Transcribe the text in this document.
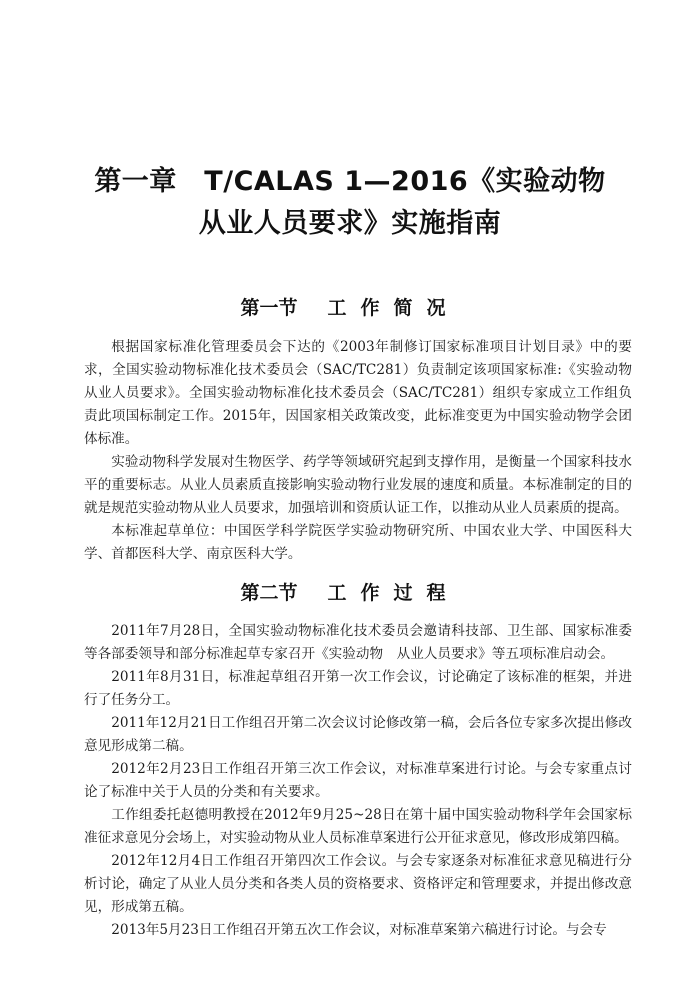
第一章　T/CALAS 1—2016《实验动物
从业人员要求》实施指南
第一节 工作简况

根据国家标准化管理委员会下达的《2003年制修订国家标准项目计划目录》中的要求，全国实验动物标准化技术委员会（SAC/TC281）负责制定该项国家标准:《实验动物　从业人员要求》。全国实验动物标准化技术委员会（SAC/TC281）组织专家成立工作组负责此项国标制定工作。2015年，因国家相关政策改变，此标准变更为中国实验动物学会团体标准。

实验动物科学发展对生物医学、药学等领域研究起到支撑作用，是衡量一个国家科技水平的重要标志。从业人员素质直接影响实验动物行业发展的速度和质量。本标准制定的目的就是规范实验动物从业人员要求，加强培训和资质认证工作，以推动从业人员素质的提高。

本标准起草单位：中国医学科学院医学实验动物研究所、中国农业大学、中国医科大学、首都医科大学、南京医科大学。

第二节 工作过程

2011年7月28日，全国实验动物标准化技术委员会邀请科技部、卫生部、国家标准委等各部委领导和部分标准起草专家召开《实验动物　从业人员要求》等五项标准启动会。

2011年8月31日，标准起草组召开第一次工作会议，讨论确定了该标准的框架，并进行了任务分工。

2011年12月21日工作组召开第二次会议讨论修改第一稿，会后各位专家多次提出修改意见形成第二稿。

2012年2月23日工作组召开第三次工作会议，对标准草案进行讨论。与会专家重点讨论了标准中关于人员的分类和有关要求。

工作组委托赵德明教授在2012年9月25~28日在第十届中国实验动物科学年会国家标准征求意见分会场上，对实验动物从业人员标准草案进行公开征求意见，修改形成第四稿。

2012年12月4日工作组召开第四次工作会议。与会专家逐条对标准征求意见稿进行分析讨论，确定了从业人员分类和各类人员的资格要求、资格评定和管理要求，并提出修改意见，形成第五稿。

2013年5月23日工作组召开第五次工作会议，对标准草案第六稿进行讨论。与会专
